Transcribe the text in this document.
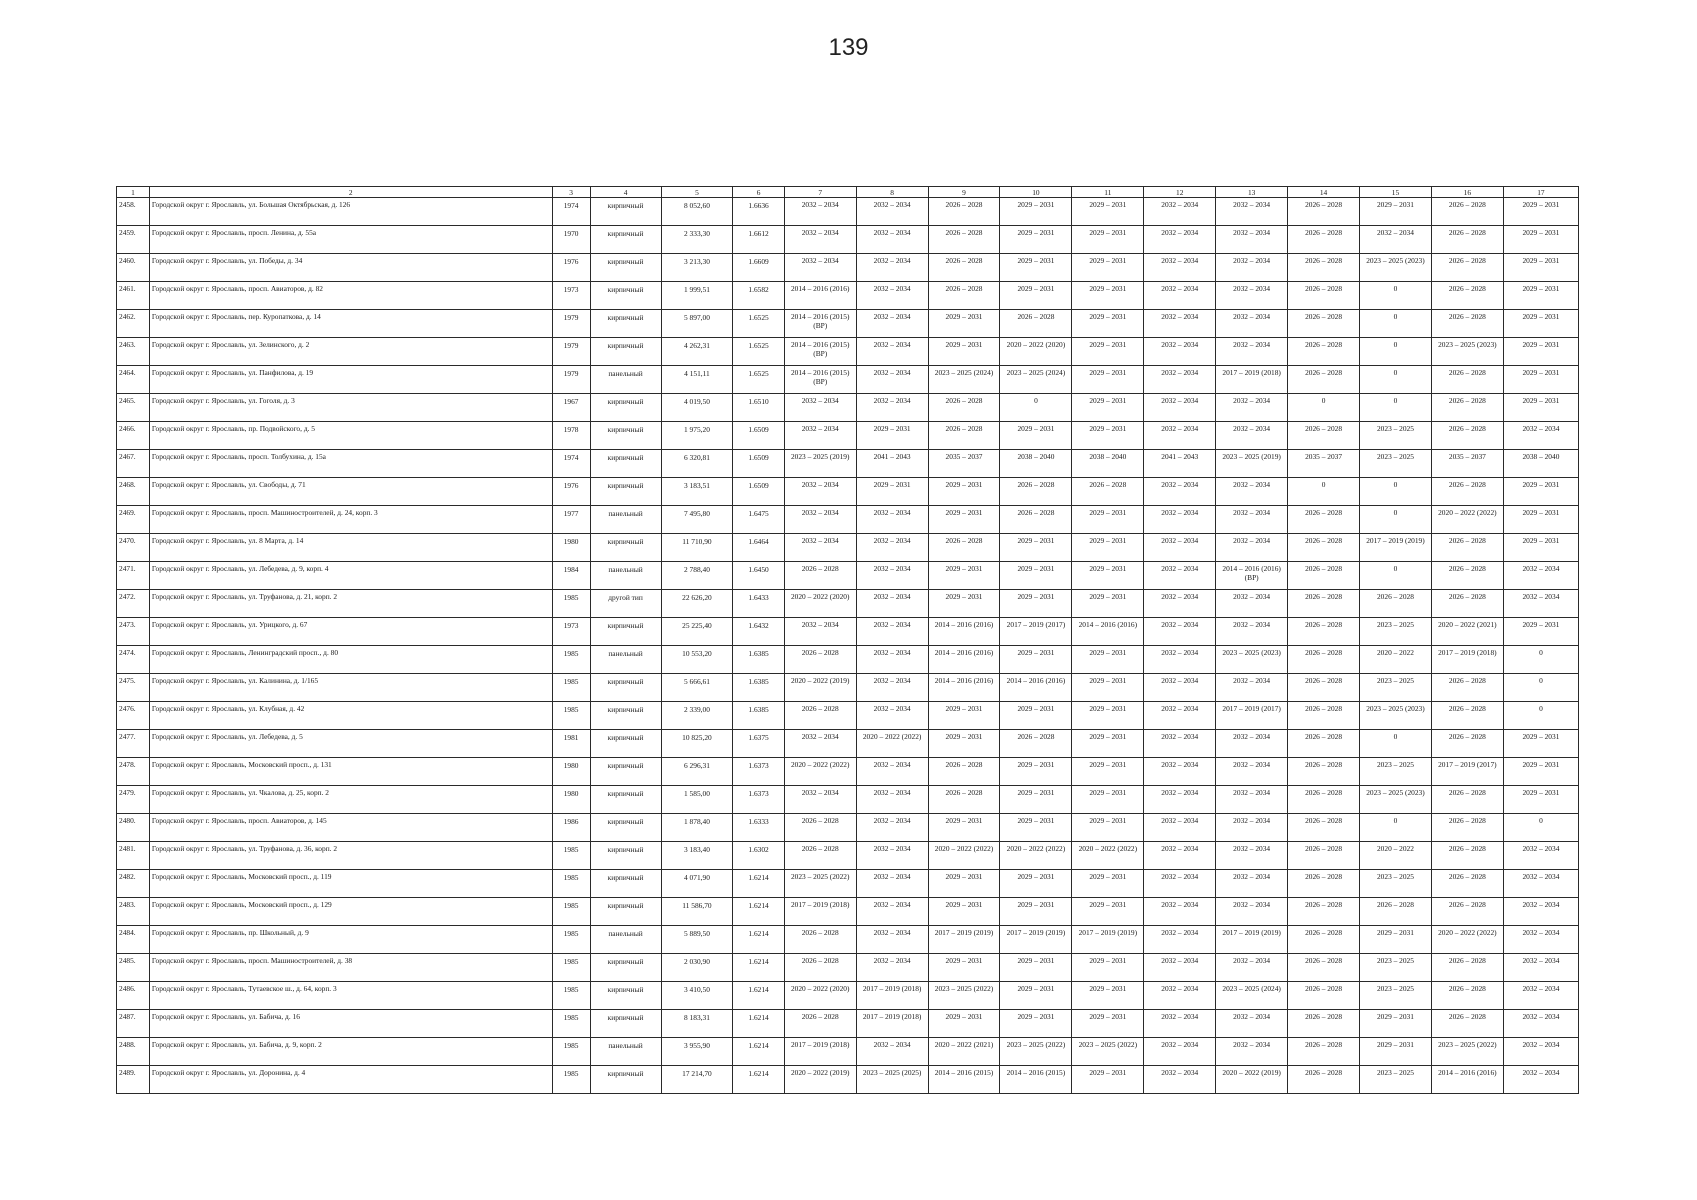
139
1	2	3	4	5	6	7	8	9	10	11	12	13	14	15	16	17
2458.	Городской округ г. Ярославль, ул. Большая Октябрьская, д. 126	1974	кирпичный	8 052,60	1.6636	2032 – 2034	2032 – 2034	2026 – 2028	2029 – 2031	2029 – 2031	2032 – 2034	2032 – 2034	2026 – 2028	2029 – 2031	2026 – 2028	2029 – 2031
2459.	Городской округ г. Ярославль, просп. Ленина, д. 55а	1970	кирпичный	2 333,30	1.6612	2032 – 2034	2032 – 2034	2026 – 2028	2029 – 2031	2029 – 2031	2032 – 2034	2032 – 2034	2026 – 2028	2032 – 2034	2026 – 2028	2029 – 2031
2460.	Городской округ г. Ярославль, ул. Победы, д. 34	1976	кирпичный	3 213,30	1.6609	2032 – 2034	2032 – 2034	2026 – 2028	2029 – 2031	2029 – 2031	2032 – 2034	2032 – 2034	2026 – 2028	2023 – 2025 (2023)	2026 – 2028	2029 – 2031
2461.	Городской округ г. Ярославль, просп. Авиаторов, д. 82	1973	кирпичный	1 999,51	1.6582	2014 – 2016 (2016)	2032 – 2034	2026 – 2028	2029 – 2031	2029 – 2031	2032 – 2034	2032 – 2034	2026 – 2028	0	2026 – 2028	2029 – 2031
2462.	Городской округ г. Ярославль, пер. Куропаткова, д. 14	1979	кирпичный	5 897,00	1.6525	2014 – 2016 (2015) (ВР)	2032 – 2034	2029 – 2031	2026 – 2028	2029 – 2031	2032 – 2034	2032 – 2034	2026 – 2028	0	2026 – 2028	2029 – 2031
2463.	Городской округ г. Ярославль, ул. Зелинского, д. 2	1979	кирпичный	4 262,31	1.6525	2014 – 2016 (2015) (ВР)	2032 – 2034	2029 – 2031	2020 – 2022 (2020)	2029 – 2031	2032 – 2034	2032 – 2034	2026 – 2028	0	2023 – 2025 (2023)	2029 – 2031
2464.	Городской округ г. Ярославль, ул. Панфилова, д. 19	1979	панельный	4 151,11	1.6525	2014 – 2016 (2015) (ВР)	2032 – 2034	2023 – 2025 (2024)	2023 – 2025 (2024)	2029 – 2031	2032 – 2034	2017 – 2019 (2018)	2026 – 2028	0	2026 – 2028	2029 – 2031
2465.	Городской округ г. Ярославль, ул. Гоголя, д. 3	1967	кирпичный	4 019,50	1.6510	2032 – 2034	2032 – 2034	2026 – 2028	0	2029 – 2031	2032 – 2034	2032 – 2034	0	0	2026 – 2028	2029 – 2031
2466.	Городской округ г. Ярославль, пр. Подвойского, д. 5	1978	кирпичный	1 975,20	1.6509	2032 – 2034	2029 – 2031	2026 – 2028	2029 – 2031	2029 – 2031	2032 – 2034	2032 – 2034	2026 – 2028	2023 – 2025	2026 – 2028	2032 – 2034
2467.	Городской округ г. Ярославль, просп. Толбухина, д. 15а	1974	кирпичный	6 320,81	1.6509	2023 – 2025 (2019)	2041 – 2043	2035 – 2037	2038 – 2040	2038 – 2040	2041 – 2043	2023 – 2025 (2019)	2035 – 2037	2023 – 2025	2035 – 2037	2038 – 2040
2468.	Городской округ г. Ярославль, ул. Свободы, д. 71	1976	кирпичный	3 183,51	1.6509	2032 – 2034	2029 – 2031	2029 – 2031	2026 – 2028	2026 – 2028	2032 – 2034	2032 – 2034	0	0	2026 – 2028	2029 – 2031
2469.	Городской округ г. Ярославль, просп. Машиностроителей, д. 24, корп. 3	1977	панельный	7 495,80	1.6475	2032 – 2034	2032 – 2034	2029 – 2031	2026 – 2028	2029 – 2031	2032 – 2034	2032 – 2034	2026 – 2028	0	2020 – 2022 (2022)	2029 – 2031
2470.	Городской округ г. Ярославль, ул. 8 Марта, д. 14	1980	кирпичный	11 710,90	1.6464	2032 – 2034	2032 – 2034	2026 – 2028	2029 – 2031	2029 – 2031	2032 – 2034	2032 – 2034	2026 – 2028	2017 – 2019 (2019)	2026 – 2028	2029 – 2031
2471.	Городской округ г. Ярославль, ул. Лебедева, д. 9, корп. 4	1984	панельный	2 788,40	1.6450	2026 – 2028	2032 – 2034	2029 – 2031	2029 – 2031	2029 – 2031	2032 – 2034	2014 – 2016 (2016) (ВР)	2026 – 2028	0	2026 – 2028	2032 – 2034
2472.	Городской округ г. Ярославль, ул. Труфанова, д. 21, корп. 2	1985	другой тип	22 626,20	1.6433	2020 – 2022 (2020)	2032 – 2034	2029 – 2031	2029 – 2031	2029 – 2031	2032 – 2034	2032 – 2034	2026 – 2028	2026 – 2028	2026 – 2028	2032 – 2034
2473.	Городской округ г. Ярославль, ул. Урицкого, д. 67	1973	кирпичный	25 225,40	1.6432	2032 – 2034	2032 – 2034	2014 – 2016 (2016)	2017 – 2019 (2017)	2014 – 2016 (2016)	2032 – 2034	2032 – 2034	2026 – 2028	2023 – 2025	2020 – 2022 (2021)	2029 – 2031
2474.	Городской округ г. Ярославль, Ленинградский просп., д. 80	1985	панельный	10 553,20	1.6385	2026 – 2028	2032 – 2034	2014 – 2016 (2016)	2029 – 2031	2029 – 2031	2032 – 2034	2023 – 2025 (2023)	2026 – 2028	2020 – 2022	2017 – 2019 (2018)	0
2475.	Городской округ г. Ярославль, ул. Калинина, д. 1/165	1985	кирпичный	5 666,61	1.6385	2020 – 2022 (2019)	2032 – 2034	2014 – 2016 (2016)	2014 – 2016 (2016)	2029 – 2031	2032 – 2034	2032 – 2034	2026 – 2028	2023 – 2025	2026 – 2028	0
2476.	Городской округ г. Ярославль, ул. Клубная, д. 42	1985	кирпичный	2 339,00	1.6385	2026 – 2028	2032 – 2034	2029 – 2031	2029 – 2031	2029 – 2031	2032 – 2034	2017 – 2019 (2017)	2026 – 2028	2023 – 2025 (2023)	2026 – 2028	0
2477.	Городской округ г. Ярославль, ул. Лебедева, д. 5	1981	кирпичный	10 825,20	1.6375	2032 – 2034	2020 – 2022 (2022)	2029 – 2031	2026 – 2028	2029 – 2031	2032 – 2034	2032 – 2034	2026 – 2028	0	2026 – 2028	2029 – 2031
2478.	Городской округ г. Ярославль, Московский просп., д. 131	1980	кирпичный	6 296,31	1.6373	2020 – 2022 (2022)	2032 – 2034	2026 – 2028	2029 – 2031	2029 – 2031	2032 – 2034	2032 – 2034	2026 – 2028	2023 – 2025	2017 – 2019 (2017)	2029 – 2031
2479.	Городской округ г. Ярославль, ул. Чкалова, д. 25, корп. 2	1980	кирпичный	1 585,00	1.6373	2032 – 2034	2032 – 2034	2026 – 2028	2029 – 2031	2029 – 2031	2032 – 2034	2032 – 2034	2026 – 2028	2023 – 2025 (2023)	2026 – 2028	2029 – 2031
2480.	Городской округ г. Ярославль, просп. Авиаторов, д. 145	1986	кирпичный	1 878,40	1.6333	2026 – 2028	2032 – 2034	2029 – 2031	2029 – 2031	2029 – 2031	2032 – 2034	2032 – 2034	2026 – 2028	0	2026 – 2028	0
2481.	Городской округ г. Ярославль, ул. Труфанова, д. 36, корп. 2	1985	кирпичный	3 183,40	1.6302	2026 – 2028	2032 – 2034	2020 – 2022 (2022)	2020 – 2022 (2022)	2020 – 2022 (2022)	2032 – 2034	2032 – 2034	2026 – 2028	2020 – 2022	2026 – 2028	2032 – 2034
2482.	Городской округ г. Ярославль, Московский просп., д. 119	1985	кирпичный	4 071,90	1.6214	2023 – 2025 (2022)	2032 – 2034	2029 – 2031	2029 – 2031	2029 – 2031	2032 – 2034	2032 – 2034	2026 – 2028	2023 – 2025	2026 – 2028	2032 – 2034
2483.	Городской округ г. Ярославль, Московский просп., д. 129	1985	кирпичный	11 586,70	1.6214	2017 – 2019 (2018)	2032 – 2034	2029 – 2031	2029 – 2031	2029 – 2031	2032 – 2034	2032 – 2034	2026 – 2028	2026 – 2028	2026 – 2028	2032 – 2034
2484.	Городской округ г. Ярославль, пр. Школьный, д. 9	1985	панельный	5 889,50	1.6214	2026 – 2028	2032 – 2034	2017 – 2019 (2019)	2017 – 2019 (2019)	2017 – 2019 (2019)	2032 – 2034	2017 – 2019 (2019)	2026 – 2028	2029 – 2031	2020 – 2022 (2022)	2032 – 2034
2485.	Городской округ г. Ярославль, просп. Машиностроителей, д. 38	1985	кирпичный	2 030,90	1.6214	2026 – 2028	2032 – 2034	2029 – 2031	2029 – 2031	2029 – 2031	2032 – 2034	2032 – 2034	2026 – 2028	2023 – 2025	2026 – 2028	2032 – 2034
2486.	Городской округ г. Ярославль, Тутаевское ш., д. 64, корп. 3	1985	кирпичный	3 410,50	1.6214	2020 – 2022 (2020)	2017 – 2019 (2018)	2023 – 2025 (2022)	2029 – 2031	2029 – 2031	2032 – 2034	2023 – 2025 (2024)	2026 – 2028	2023 – 2025	2026 – 2028	2032 – 2034
2487.	Городской округ г. Ярославль, ул. Бабича, д. 16	1985	кирпичный	8 183,31	1.6214	2026 – 2028	2017 – 2019 (2018)	2029 – 2031	2029 – 2031	2029 – 2031	2032 – 2034	2032 – 2034	2026 – 2028	2029 – 2031	2026 – 2028	2032 – 2034
2488.	Городской округ г. Ярославль, ул. Бабича, д. 9, корп. 2	1985	панельный	3 955,90	1.6214	2017 – 2019 (2018)	2032 – 2034	2020 – 2022 (2021)	2023 – 2025 (2022)	2023 – 2025 (2022)	2032 – 2034	2032 – 2034	2026 – 2028	2029 – 2031	2023 – 2025 (2022)	2032 – 2034
2489.	Городской округ г. Ярославль, ул. Доронина, д. 4	1985	кирпичный	17 214,70	1.6214	2020 – 2022 (2019)	2023 – 2025 (2025)	2014 – 2016 (2015)	2014 – 2016 (2015)	2029 – 2031	2032 – 2034	2020 – 2022 (2019)	2026 – 2028	2023 – 2025	2014 – 2016 (2016)	2032 – 2034
